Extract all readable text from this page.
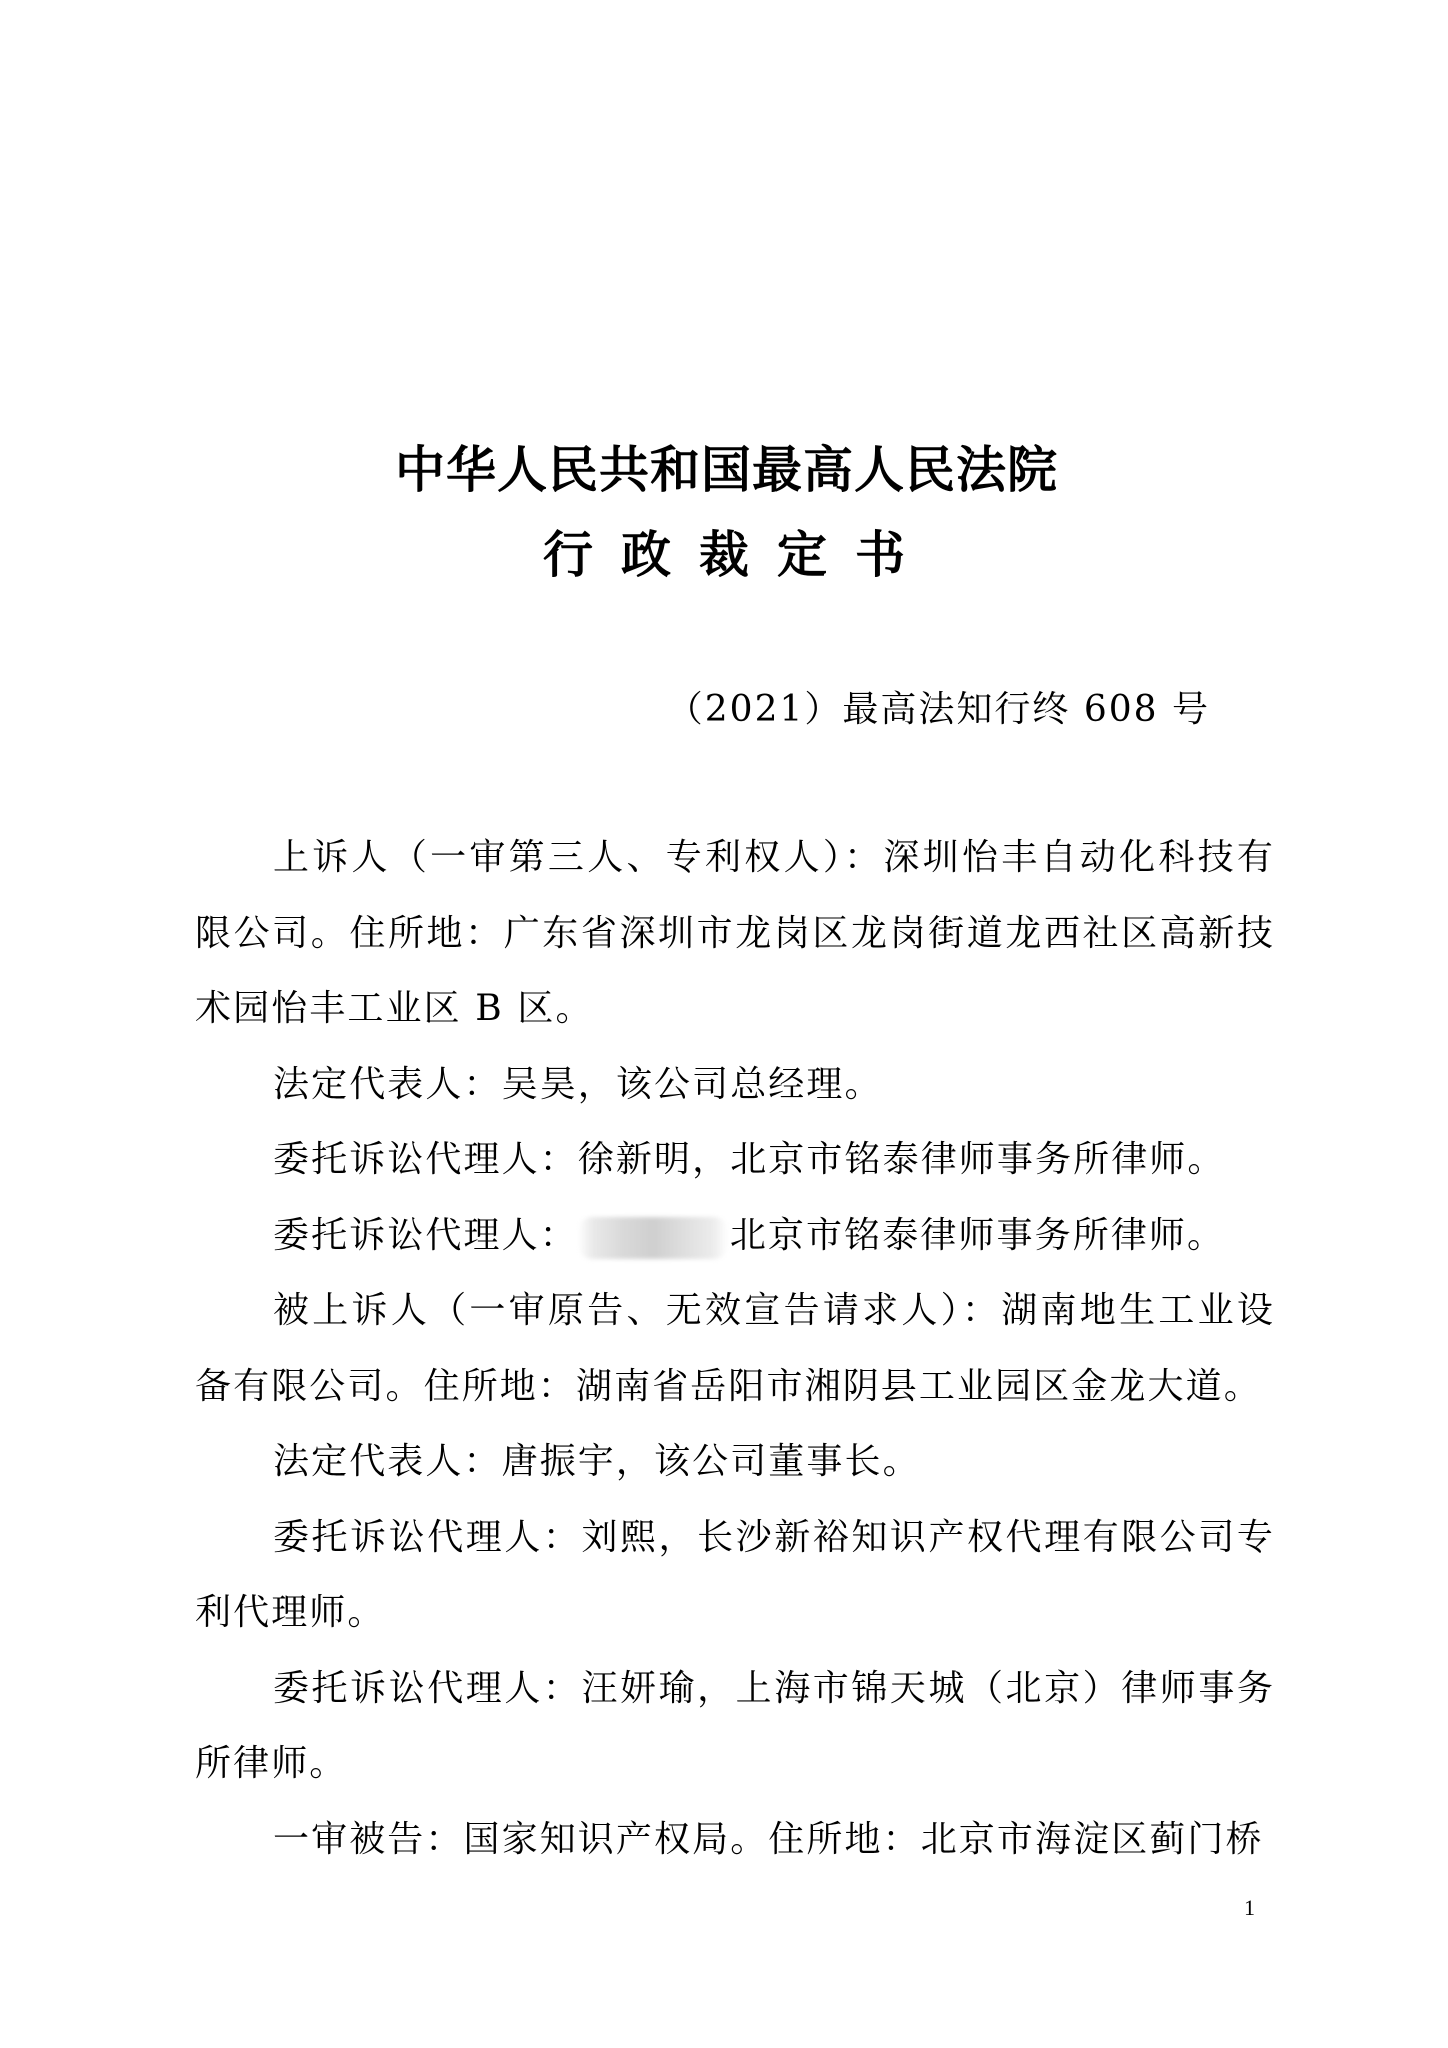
中华人民共和国最高人民法院
行政裁定书
（2021）最高法知行终 608 号

上诉人（一审第三人、专利权人）：深圳怡丰自动化科技有限公司。住所地：广东省深圳市龙岗区龙岗街道龙西社区高新技术园怡丰工业区 B 区。

法定代表人：吴昊，该公司总经理。

委托诉讼代理人：徐新明，北京市铭泰律师事务所律师。

委托诉讼代理人：	北京市铭泰律师事务所律师。

被上诉人（一审原告、无效宣告请求人）：湖南地生工业设备有限公司。住所地：湖南省岳阳市湘阴县工业园区金龙大道。

法定代表人：唐振宇，该公司董事长。

委托诉讼代理人：刘熙，长沙新裕知识产权代理有限公司专利代理师。

委托诉讼代理人：汪妍瑜，上海市锦天城（北京）律师事务所律师。

一审被告：国家知识产权局。住所地：北京市海淀区蓟门桥

1
